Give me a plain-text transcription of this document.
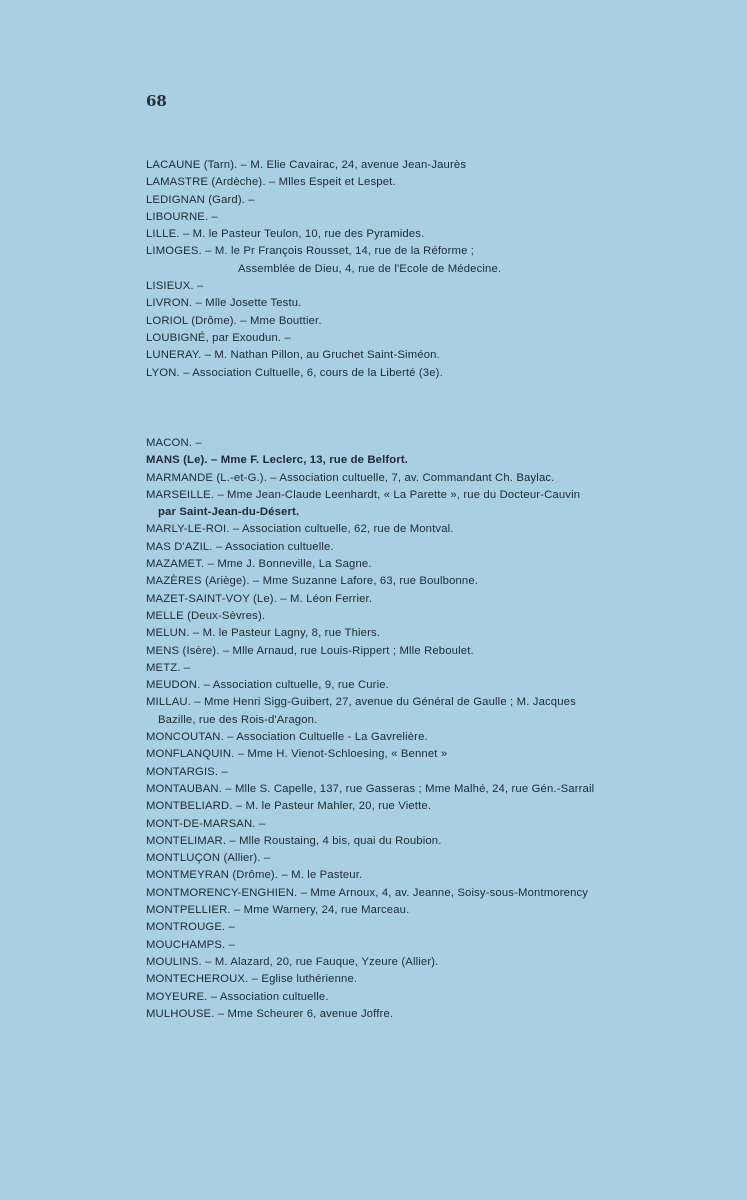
68
LACAUNE (Tarn). – M. Elie Cavairac, 24, avenue Jean-Jaurès
LAMASTRE (Ardèche). – Mlles Espeit et Lespet.
LEDIGNAN (Gard). –
LIBOURNE. –
LILLE. – M. le Pasteur Teulon, 10, rue des Pyramides.
LIMOGES. – M. le Pr François Rousset, 14, rue de la Réforme ;
Assemblée de Dieu, 4, rue de l'Ecole de Médecine.
LISIEUX. –
LIVRON. – Mlle Josette Testu.
LORIOL (Drôme). – Mme Bouttier.
LOUBIGNÉ, par Exoudun. –
LUNERAY. – M. Nathan Pillon, au Gruchet Saint-Siméon.
LYON. – Association Cultuelle, 6, cours de la Liberté (3e).
MACON. –
MANS (Le). – Mme F. Leclerc, 13, rue de Belfort.
MARMANDE (L.-et-G.). – Association cultuelle, 7, av. Commandant Ch. Baylac.
MARSEILLE. – Mme Jean-Claude Leenhardt, « La Parette », rue du Docteur-Cauvin
par Saint-Jean-du-Désert.
MARLY-LE-ROI. – Association cultuelle, 62, rue de Montval.
MAS D'AZIL. – Association cultuelle.
MAZAMET. – Mme J. Bonneville, La Sagne.
MAZÈRES (Ariège). – Mme Suzanne Lafore, 63, rue Boulbonne.
MAZET-SAINT-VOY (Le). – M. Léon Ferrier.
MELLE (Deux-Sèvres).
MELUN. – M. le Pasteur Lagny, 8, rue Thiers.
MENS (Isère). – Mlle Arnaud, rue Louis-Rippert ; Mlle Reboulet.
METZ. –
MEUDON. – Association cultuelle, 9, rue Curie.
MILLAU. – Mme Henri Sigg-Guibert, 27, avenue du Général de Gaulle ; M. Jacques
Bazille, rue des Rois-d'Aragon.
MONCOUTAN. – Association Cultuelle - La Gavrelière.
MONFLANQUIN. – Mme H. Vienot-Schloesing, « Bennet »
MONTARGIS. –
MONTAUBAN. – Mlle S. Capelle, 137, rue Gasseras ; Mme Malhé, 24, rue Gén.-Sarrail
MONTBELIARD. – M. le Pasteur Mahler, 20, rue Viette.
MONT-DE-MARSAN. –
MONTELIMAR. – Mlle Roustaing, 4 bis, quai du Roubion.
MONTLUÇON (Allier). –
MONTMEYRAN (Drôme). – M. le Pasteur.
MONTMORENCY-ENGHIEN. – Mme Arnoux, 4, av. Jeanne, Soisy-sous-Montmorency
MONTPELLIER. – Mme Warnery, 24, rue Marceau.
MONTROUGE. –
MOUCHAMPS. –
MOULINS. – M. Alazard, 20, rue Fauque, Yzeure (Allier).
MONTECHEROUX. – Eglise luthérienne.
MOYEURE. – Association cultuelle.
MULHOUSE. – Mme Scheurer 6, avenue Joffre.
